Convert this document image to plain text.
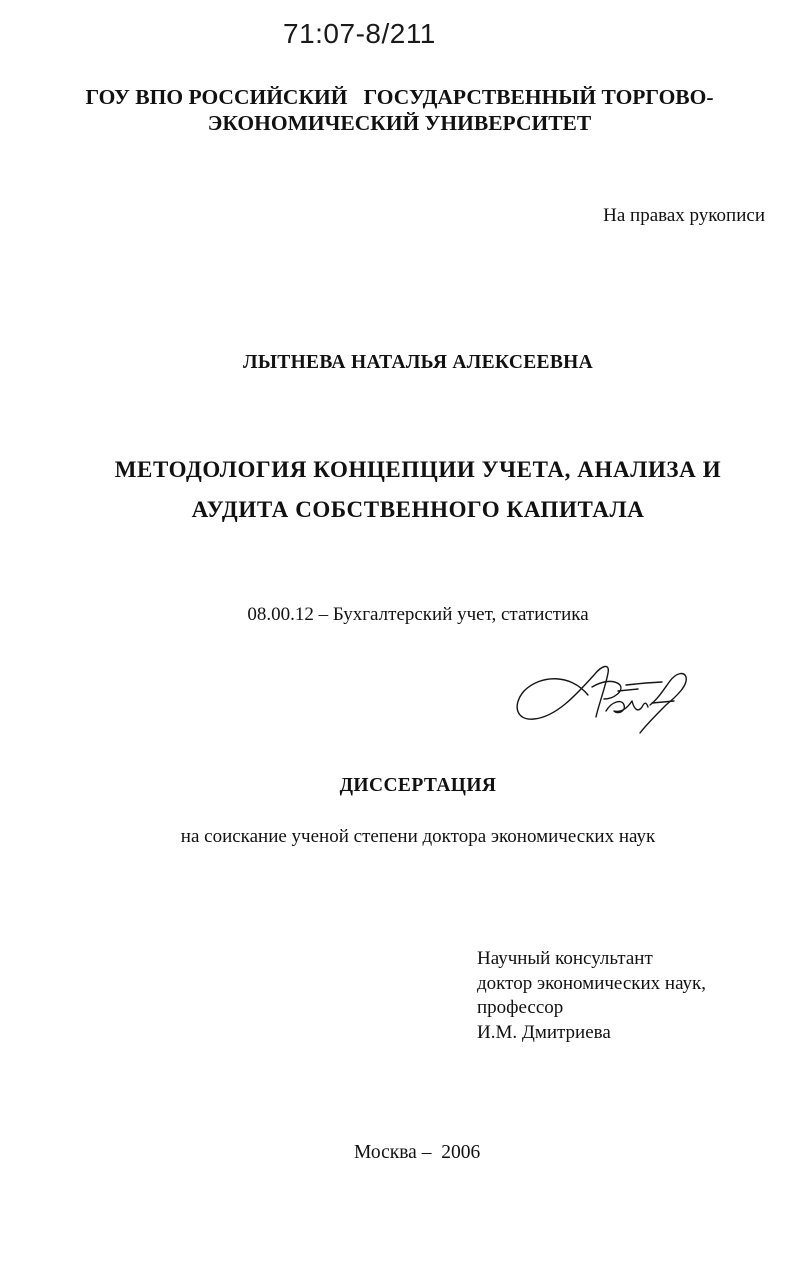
71:07-8/211
ГОУ ВПО РОССИЙСКИЙ   ГОСУДАРСТВЕННЫЙ ТОРГОВО-
ЭКОНОМИЧЕСКИЙ УНИВЕРСИТЕТ
На правах рукописи
ЛЫТНЕВА НАТАЛЬЯ АЛЕКСЕЕВНА
МЕТОДОЛОГИЯ КОНЦЕПЦИИ УЧЕТА, АНАЛИЗА И
АУДИТА СОБСТВЕННОГО КАПИТАЛА
08.00.12 – Бухгалтерский учет, статистика
ДИССЕРТАЦИЯ
на соискание ученой степени доктора экономических наук
Научный консультант
доктор экономических наук,
профессор
И.М. Дмитриева
Москва –  2006
